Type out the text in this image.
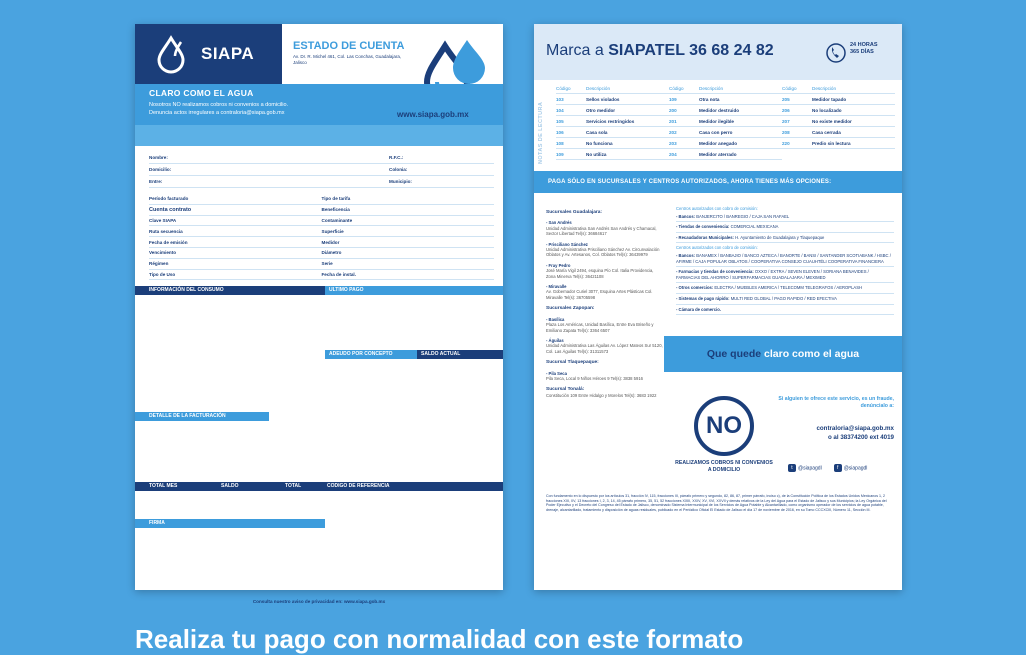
SIAPA	ESTADO DE CUENTA
Av. Dr. R. Michel 461, Col. Las Conchas, Guadalajara, Jalisco
CLARO COMO EL AGUA
Nosotros NO realizamos cobros ni convenios a domicilio.
Denuncia actos irregulares a contraloria@siapa.gob.mx	www.siapa.gob.mx
Nombre:	R.F.C.:
Domicilio:	Colonia:
Entre:	Municipio:
Período facturado	Tipo de tarifa
Cuenta contrato	Beneficencia
Clave SIAPA	Contaminante
Ruta secuencia	Superficie
Fecha de emisión	Medidor
Vencimiento	Diámetro
Régimen	Serie
Tipo de Uso	Fecha de instal.
INFORMACIÓN DEL CONSUMO	ULTIMO PAGO
ADEUDO POR CONCEPTO	SALDO ACTUAL
DETALLE DE LA FACTURACIÓN
TOTAL MES	SALDO	TOTAL	CODIGO DE REFERENCIA
FIRMA
Consulta nuestro aviso de privacidad en: www.siapa.gob.mx
Marca a SIAPATEL 36 68 24 82	24 HORAS
365 DÍAS
NOTAS DE LECTURA
Código	Descripción
103	Sellos violados
104	Otro medidor
105	Servicios restringidos
106	Casa sola
108	No funciona
109	No utiliza
Código	Descripción
109	Otra nota
200	Medidor destruido
201	Medidor ilegible
202	Casa con perro
203	Medidor anegado
204	Medidor aterrado
Código	Descripción
205	Medidor tapado
206	No localizado
207	No existe medidor
208	Casa cerrada
220	Predio sin lectura
PAGA SÓLO EN SUCURSALES Y CENTROS AUTORIZADOS, AHORA TIENES MÁS OPCIONES:
Sucursales Guadalajara:
- San Andrés
Unidad Administrativa San Andrés San Andrés y Chamacal, Sector Libertad Tel(s): 36684617
- Prisciliano Sánchez
Unidad Administrativa Prisciliano Sánchez Av. Circunvalación Oblatos y Av. Artesanos, Col. Oblatos Tel(s): 36439979
- Fray Pedro
José María Vigil 2494, esquina Pío Col. Italia Providencia, Zona Minerva Tel(s): 36421108
- Miravalle
Av. Gobernador Curiel 3077, Esquina Artes Plásticas Col. Miravalle Tel(s): 36705598
Sucursales Zapopan:
- Basílica
Plaza Los Américas, Unidad Basílica, Entre Eva Briseño y Emiliano Zapata Tel(s): 3364 6507
- Águilas
Unidad Administrativa Las Águilas Av. López Mateos Sur 5120, Col. Las Águilas Tel(s): 31311573
Sucursal Tlaquepaque:
- Pila Seca
Pila Seca, Local 9 Niños Héroes 9 Tel(s): 3838 5916
Sucursal Tonalá:
Constitución 109 Entre Hidalgo y Morelos Tel(s): 3683 1922
Centros autorizados con cobro de comisión:
- Bancos: BANJERCITO / BANREGIO / CAJA SAN RAFAEL
- Tiendas de conveniencia: COMERCIAL MEXICANA
- Recaudadoras Municipales: H. Ayuntamiento de Guadalajara y Tlaquepaque
Centros autorizados con cobro de comisión:
- Bancos: BANAMEX / BANBAJIO / BANCO AZTECA / BANORTE / BANSI / SANTANDER SCOTIABANK / HSBC / AFIRME / CAJA POPULAR OBLATOS / COOPERATIVA CONSEJO CUAUHTÉLI COOPERATIVA FINANCIERA
- Farmacias y tiendas de conveniencia: OXXO / EXTRA / SEVEN ELEVEN / SORIANA BENAVIDES / FARMACIAS DEL AHORRO / SUPERFARMACIAS GUADALAJARA / MEXIMED
- Otros comercios: ELECTRA / MUEBLES AMERICA / TELECOMM TELEGRAFOS / AEROPLASH
- Sistemas de pago rápido: MULTI RED GLOBAL / PAGO RAPIDO / RED EFECTIVA
- Cámara de comercio.
Que quede claro como el agua
NO
REALIZAMOS COBROS NI CONVENIOS A DOMICILIO
Si alguien te ofrece este servicio, es un fraude, denúncialo a:
contraloria@siapa.gob.mx
o al 38374200 ext 4019
t @siapagdl	f @siapagdl
Con fundamento en lo dispuesto por los artículos 31, fracción IV, 115, fracciones III, párrafo primero y segundo, 82, 86, 87, primer párrafo, inciso c), de la Constitución Política de los Estados Unidos Mexicanos 1, 2 fracciones XIII, XV, 13 fracciones I, 2, 3, 14, 45 párrafo primero, 35, 51, 52 fracciones XXIII, XXIV, XV, XVI, XXVII y demás relativos de la Ley del Agua para el Estado de Jalisco y sus Municipios; la Ley Orgánica del Poder Ejecutivo y el Decreto del Congreso del Estado de Jalisco, denominado Sistema Intermunicipal de los Servicios de Agua Potable y Alcantarillado, como organismo operador de los servicios de agua potable, drenaje, alcantarillado, tratamiento y disposición de aguas residuales, publicado en el Periódico Oficial El Estado de Jalisco el día 17 de noviembre de 2016, en su Tomo CCCXCIII, Número 11, Sección III.
Realiza tu pago con normalidad con este formato
